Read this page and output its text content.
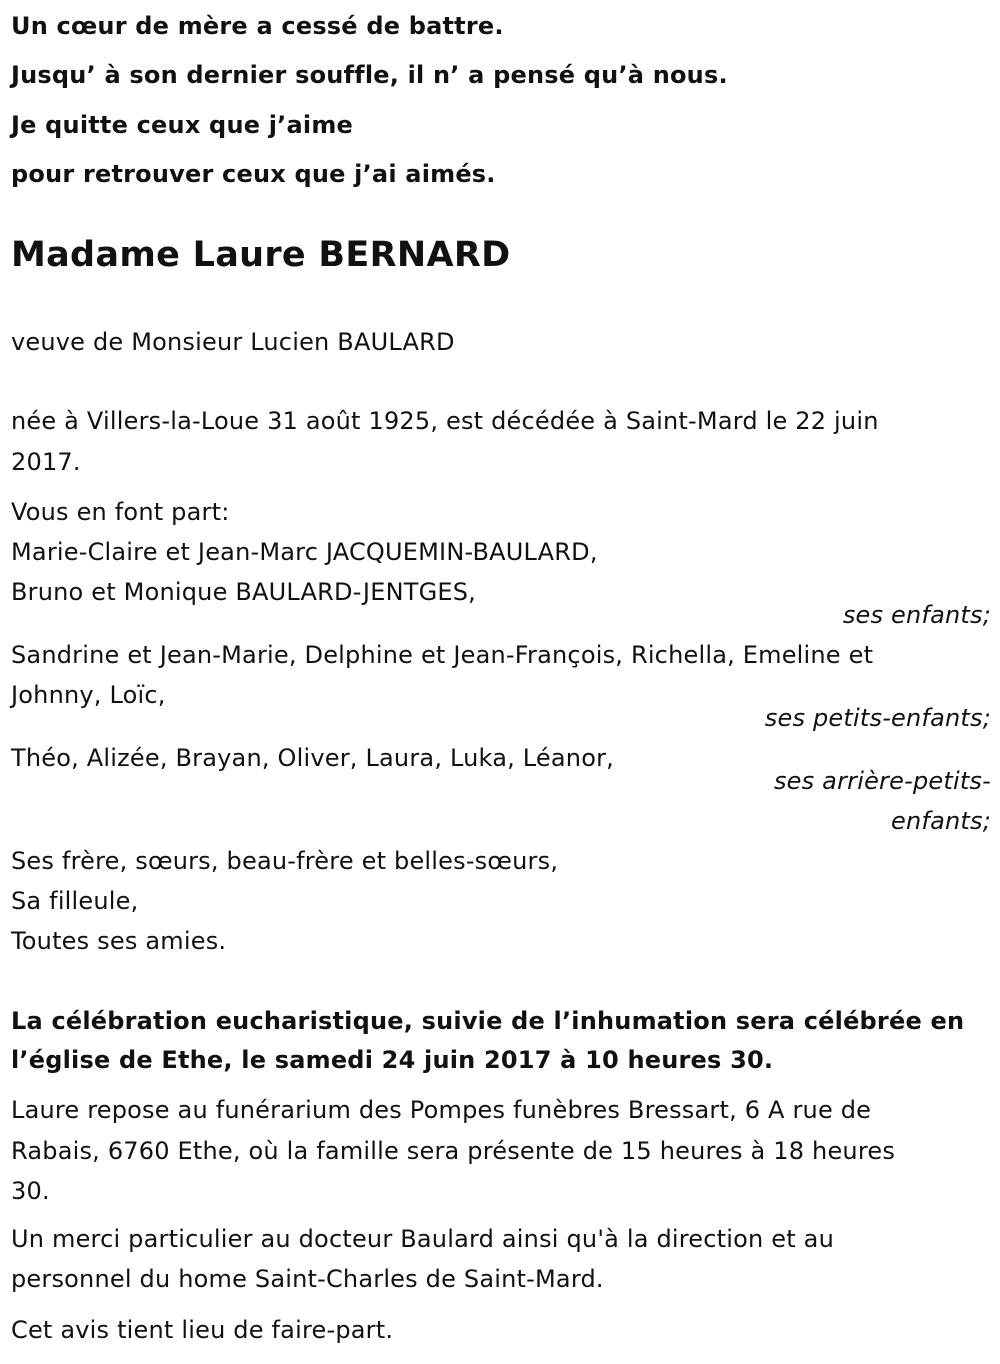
Un cœur de mère a cessé de battre.
Jusqu’ à son dernier souffle, il n’ a pensé qu’à nous.
Je quitte ceux que j’aime
pour retrouver ceux que j’ai aimés.
Madame Laure BERNARD
veuve de Monsieur Lucien BAULARD
née à Villers-la-Loue 31 août 1925, est décédée à Saint-Mard le 22 juin
2017.
Vous en font part:
Marie-Claire et Jean-Marc JACQUEMIN-BAULARD,
Bruno et Monique BAULARD-JENTGES,
ses enfants;
Sandrine et Jean-Marie, Delphine et Jean-François, Richella, Emeline et
Johnny, Loïc,
ses petits-enfants;
Théo, Alizée, Brayan, Oliver, Laura, Luka, Léanor,
ses arrière-petits-
enfants;
Ses frère, sœurs, beau-frère et belles-sœurs,
Sa filleule,
Toutes ses amies.
La célébration eucharistique, suivie de l’inhumation sera célébrée en
l’église de Ethe, le samedi 24 juin 2017 à 10 heures 30.
Laure repose au funérarium des Pompes funèbres Bressart, 6 A rue de
Rabais, 6760 Ethe, où la famille sera présente de 15 heures à 18 heures
30.
Un merci particulier au docteur Baulard ainsi qu'à la direction et au
personnel du home Saint-Charles de Saint-Mard.
Cet avis tient lieu de faire-part.
